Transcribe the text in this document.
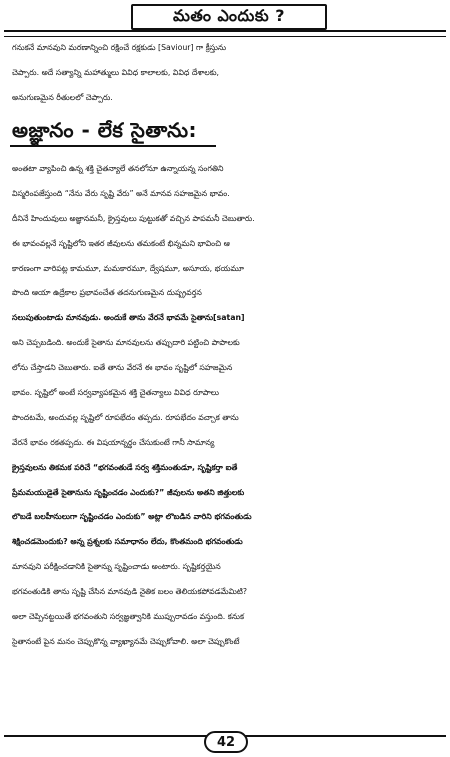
మతం ఎందుకు ?
గనుకనే మానవుని మరణాన్నించి రక్షించే రక్షకుడు [Saviour] గా క్రీస్తును
చెప్పారు. అదే సత్యాన్ని మహాత్ములు వివిధ కాలాలకు, వివిధ దేశాలకు,
అనుగుణమైన రీతులలో చెప్పారు.
అజ్ఞానం - లేక సైతాను:
అంతటా వ్యాపించి ఉన్న శక్తి చైతన్యాలే తనలోనూ ఉన్నాయన్న సంగతిని
విస్మరింపజేస్తుంది “నేను వేరు సృష్టి వేరు” అనే మానవ సహజమైన భావం.
దీనినే హిందువులు అజ్ఞానమనీ, క్రైస్తవులు పుట్టుకతో వచ్చిన పాపమనీ చెబుతారు.
ఈ భావంవల్లనే సృష్టిలోని ఇతర జీవులను తమకంటే భిన్నమని భావించి ఆ
కారణంగా వారిపట్ల కామమూ, మమకారమూ, ద్వేషమూ, అసూయ, భయమూ
పొంది ఆయా ఉద్రేకాల ప్రభావంచేత తదనుగుణమైన దుష్ప్రవర్తన
సలుపుతుంటాడు మానవుడు. అందుకే తాను వేరనే భావమే సైతాను[satan]
అని చెప్పబడింది. అందుకే సైతాను మానవులను తప్పుదారి పట్టించి పాపాలకు
లోను చేస్తాడని చెబుతారు. ఐతే తాను వేరనే ఈ భావం సృష్టిలో సహజమైన
భావం. సృష్టిలో అంటే సర్వవ్యాపకమైన శక్తి చైతన్యాలు వివిధ రూపాలు
పొందటమే, అందువల్ల సృష్టిలో రూపభేదం తప్పదు. రూపభేదం వచ్చాక తాను
వేరనే భావం రకతప్పదు. ఈ విషయాన్నర్థం చేసుకుంటే గానీ సామాన్య
క్రైస్తవులను తికమక పరిచే “భగవంతుడే సర్వ శక్తిమంతుడూ, సృష్టికర్తా ఐతే
ప్రేమమయుడైతే సైతానును సృష్టించడం ఎందుకు?” జీవులను అతని జిత్తులకు
లొబడే బలహీనులుగా సృష్టించడం ఎందుకు” అట్లా లొబడిన వారిని భగవంతుడు
శిక్షించడమెందుకు? అన్న ప్రశ్నలకు సమాధానం లేదు, కొంతమంది భగవంతుడు
మానవుని పరీక్షించడానికి సైతాన్ను సృష్టించాడు అంటారు. సృష్టికర్తయైన
భగవంతుడికి తాను సృష్టి చేసిన మానవుడి నైతిక బలం తెలియకపోవడమేమిటి?
అలా చెప్పినట్టయితే భగవంతుని సర్వజ్ఞత్వానికి ముప్పురావడం వస్తుంది. కనుక
సైతానంటే పైన మనం చెప్పుకొన్న వ్యాఖ్యానమే చెప్పుకోవాలి. అలా చెప్పుకొంటే
42
